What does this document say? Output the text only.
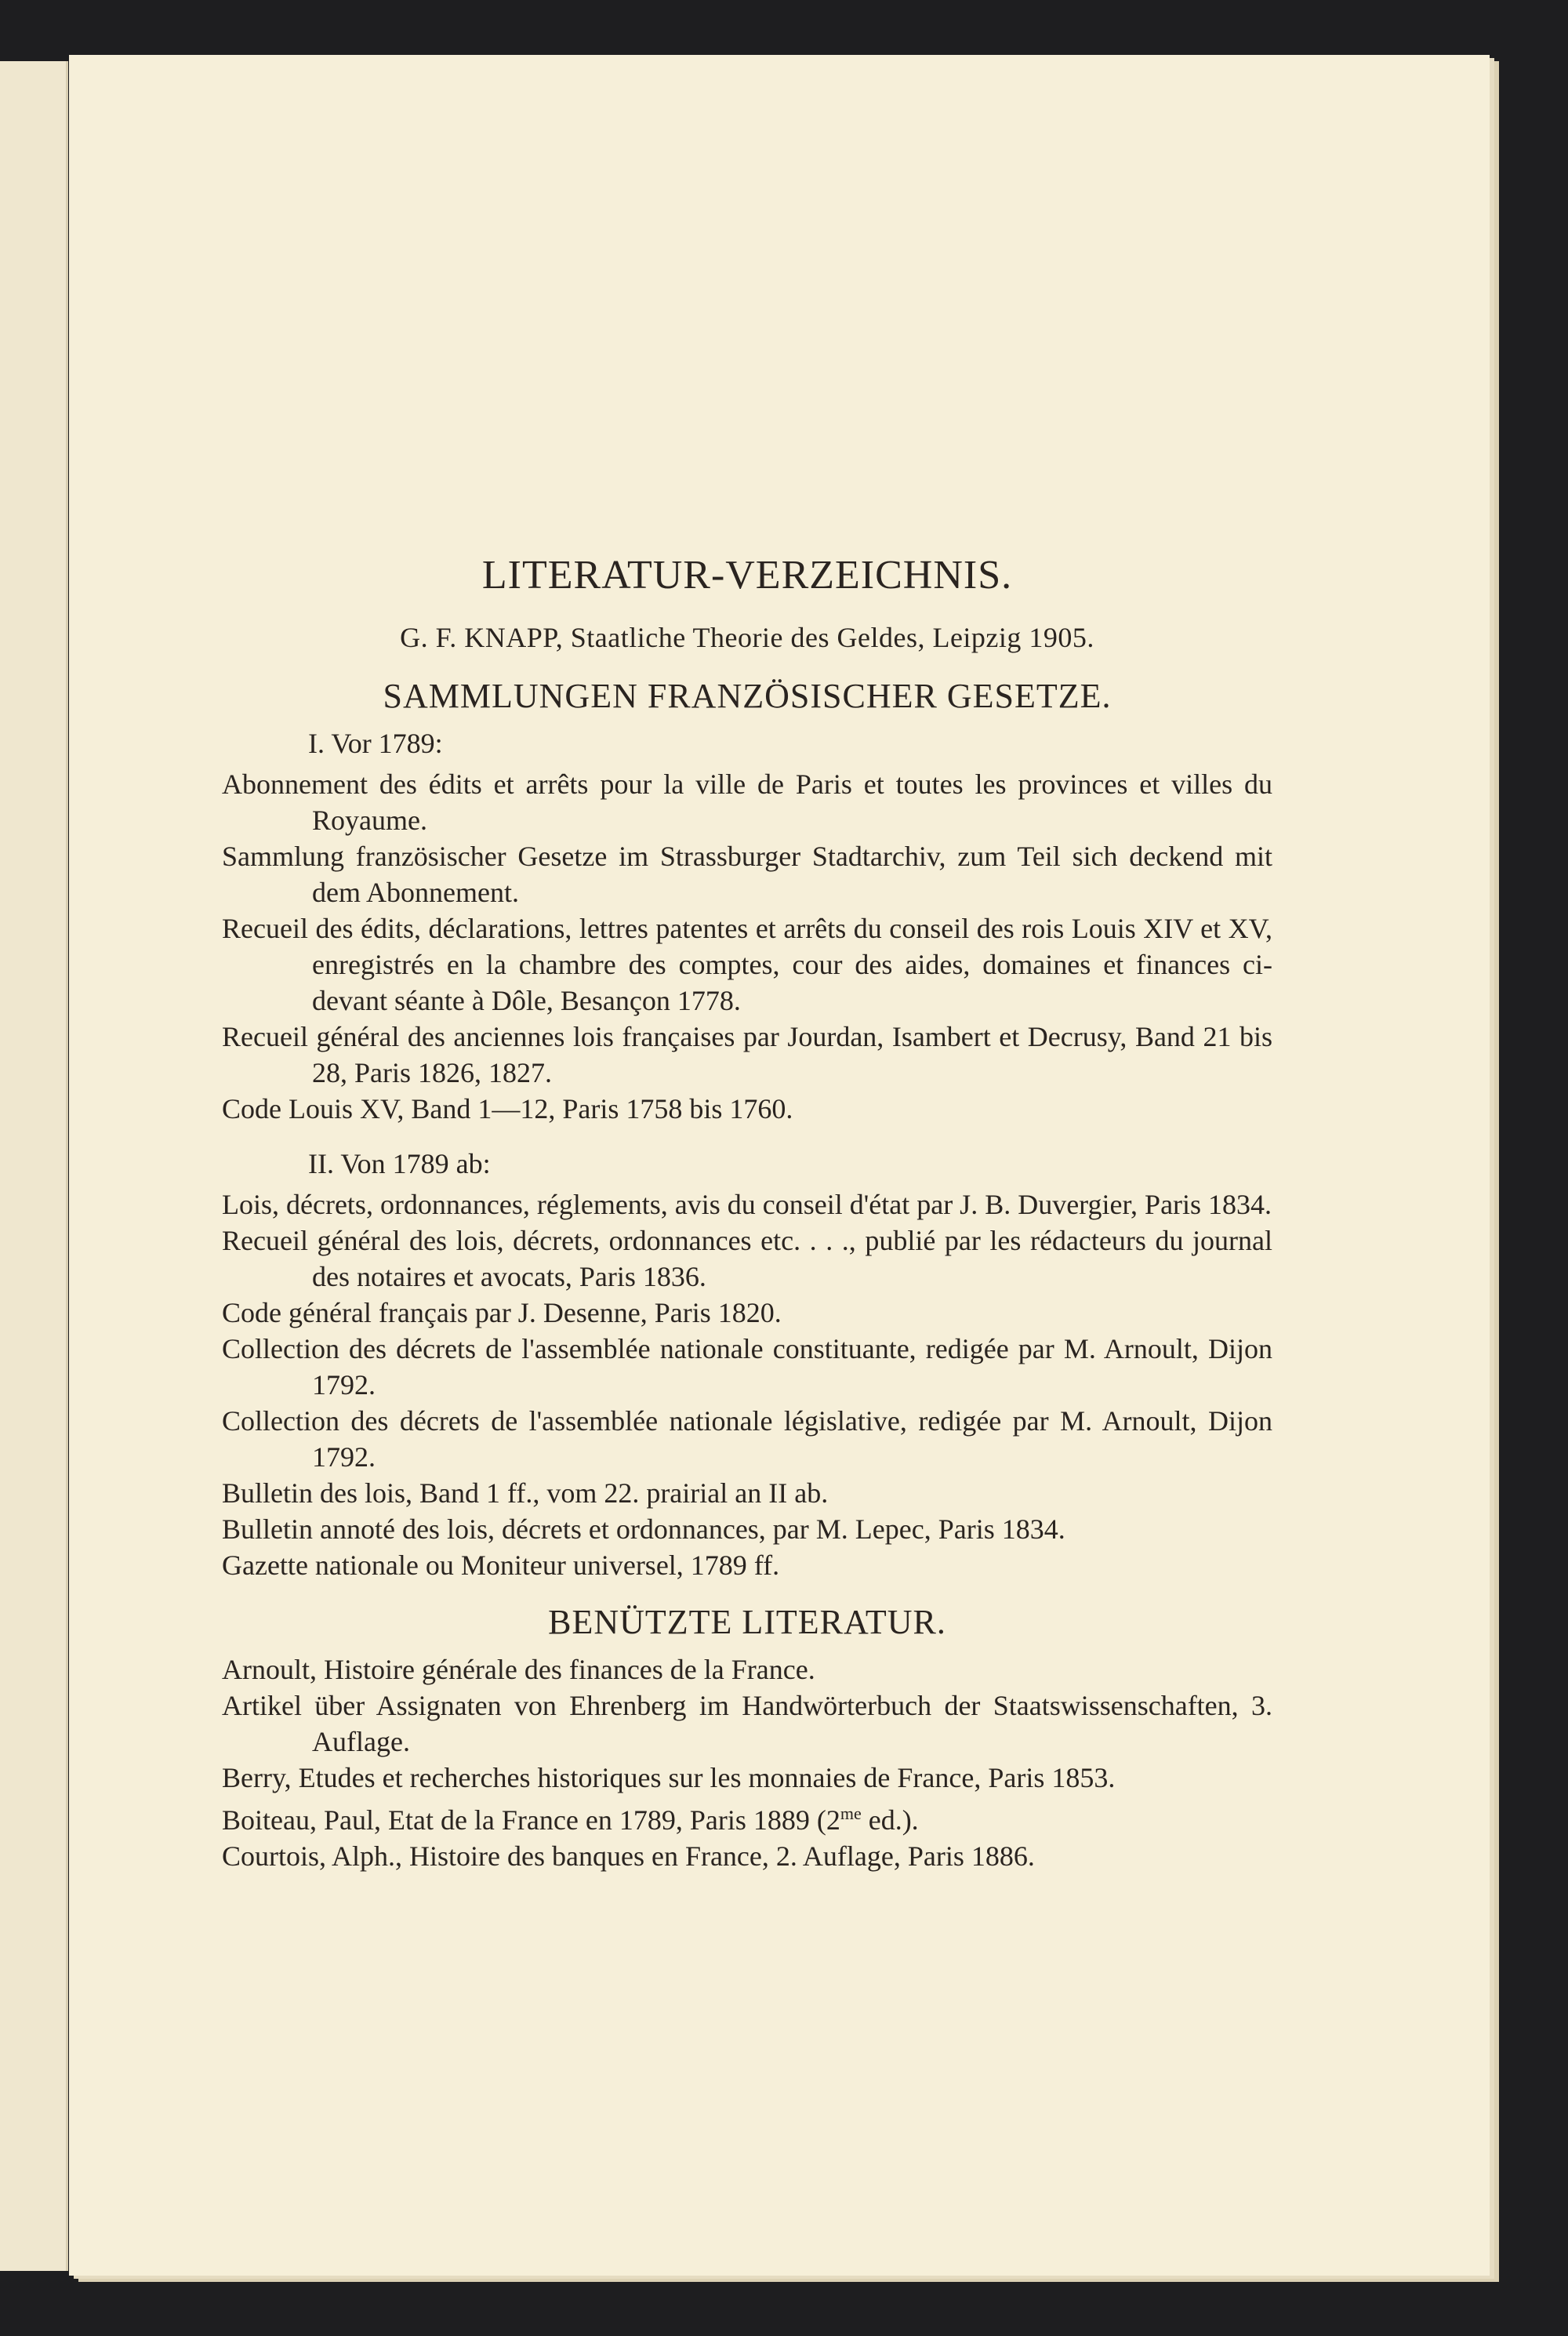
LITERATUR-VERZEICHNIS.
G. F. KNAPP, Staatliche Theorie des Geldes, Leipzig 1905.
SAMMLUNGEN FRANZÖSISCHER GESETZE.
I. Vor 1789:

Abonnement des édits et arrêts pour la ville de Paris et toutes les provinces et villes du Royaume.

Sammlung französischer Gesetze im Strassburger Stadtarchiv, zum Teil sich deckend mit dem Abonnement.

Recueil des édits, déclarations, lettres patentes et arrêts du conseil des rois Louis XIV et XV, enregistrés en la chambre des comptes, cour des aides, domaines et finances ci-devant séante à Dôle, Besançon 1778.

Recueil général des anciennes lois françaises par Jourdan, Isambert et Decrusy, Band 21 bis 28, Paris 1826, 1827.

Code Louis XV, Band 1—12, Paris 1758 bis 1760.

II. Von 1789 ab:

Lois, décrets, ordonnances, réglements, avis du conseil d'état par J. B. Duvergier, Paris 1834.

Recueil général des lois, décrets, ordonnances etc. . . ., publié par les rédacteurs du journal des notaires et avocats, Paris 1836.

Code général français par J. Desenne, Paris 1820.

Collection des décrets de l'assemblée nationale constituante, redigée par M. Arnoult, Dijon 1792.

Collection des décrets de l'assemblée nationale législative, redigée par M. Arnoult, Dijon 1792.

Bulletin des lois, Band 1 ff., vom 22. prairial an II ab.

Bulletin annoté des lois, décrets et ordonnances, par M. Lepec, Paris 1834.

Gazette nationale ou Moniteur universel, 1789 ff.

BENÜTZTE LITERATUR.

Arnoult, Histoire générale des finances de la France.

Artikel über Assignaten von Ehrenberg im Handwörterbuch der Staatswissenschaften, 3. Auflage.

Berry, Etudes et recherches historiques sur les monnaies de France, Paris 1853.

Boiteau, Paul, Etat de la France en 1789, Paris 1889 ($2^{me}$ ed.).

Courtois, Alph., Histoire des banques en France, 2. Auflage, Paris 1886.
